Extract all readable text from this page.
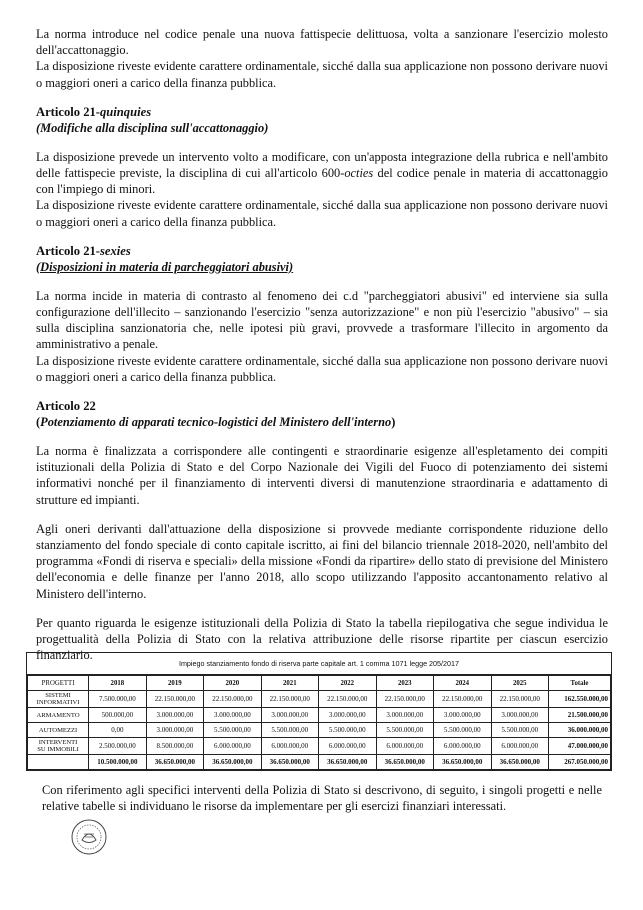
La norma introduce nel codice penale una nuova fattispecie delittuosa, volta a sanzionare l'esercizio molesto dell'accattonaggio.

La disposizione riveste evidente carattere ordinamentale, sicché dalla sua applicazione non possono derivare nuovi o maggiori oneri a carico della finanza pubblica.

Articolo 21-quinquies

(Modifiche alla disciplina sull'accattonaggio)

La disposizione prevede un intervento volto a modificare, con un'apposta integrazione della rubrica e nell'ambito delle fattispecie previste, la disciplina di cui all'articolo 600-octies del codice penale in materia di accattonaggio con l'impiego di minori.

La disposizione riveste evidente carattere ordinamentale, sicché dalla sua applicazione non possono derivare nuovi o maggiori oneri a carico della finanza pubblica.

Articolo 21-sexies

(Disposizioni in materia di parcheggiatori abusivi)

La norma incide in materia di contrasto al fenomeno dei c.d "parcheggiatori abusivi" ed interviene sia sulla configurazione dell'illecito – sanzionando l'esercizio "senza autorizzazione" e non più l'esercizio "abusivo" – sia sulla disciplina sanzionatoria che, nelle ipotesi più gravi, provvede a trasformare l'illecito in argomento da amministrativo a penale.

La disposizione riveste evidente carattere ordinamentale, sicché dalla sua applicazione non possono derivare nuovi o maggiori oneri a carico della finanza pubblica.

Articolo 22

(Potenziamento di apparati tecnico-logistici del Ministero dell'interno)

La norma è finalizzata a corrispondere alle contingenti e straordinarie esigenze all'espletamento dei compiti istituzionali della Polizia di Stato e del Corpo Nazionale dei Vigili del Fuoco di potenziamento dei sistemi informativi nonché per il finanziamento di interventi diversi di manutenzione straordinaria e adattamento di strutture ed impianti.

Agli oneri derivanti dall'attuazione della disposizione si provvede mediante corrispondente riduzione dello stanziamento del fondo speciale di conto capitale iscritto, ai fini del bilancio triennale 2018-2020, nell'ambito del programma «Fondi di riserva e speciali» della missione «Fondi da ripartire» dello stato di previsione del Ministero dell'economia e delle finanze per l'anno 2018, allo scopo utilizzando l'apposito accantonamento relativo al Ministero dell'interno.

Per quanto riguarda le esigenze istituzionali della Polizia di Stato la tabella riepilogativa che segue individua le progettualità della Polizia di Stato con la relativa attribuzione delle risorse ripartite per ciascun esercizio finanziario.

Impiego stanziamento fondo di riserva parte capitale art. 1 comma 1071 legge 205/2017
PROGETTI	2018	2019	2020	2021	2022	2023	2024	2025	Totale
SISTEMI
INFORMATIVI	7.500.000,00	22.150.000,00	22.150.000,00	22.150.000,00	22.150.000,00	22.150.000,00	22.150.000,00	22.150.000,00	162.550.000,00
ARMAMENTO	500.000,00	3.000.000,00	3.000.000,00	3.000.000,00	3.000.000,00	3.000.000,00	3.000.000,00	3.000.000,00	21.500.000,00
AUTOMEZZI	0,00	3.000.000,00	5.500.000,00	5.500.000,00	5.500.000,00	5.500.000,00	5.500.000,00	5.500.000,00	36.000.000,00
INTERVENTI
SU IMMOBILI	2.500.000,00	8.500.000,00	6.000.000,00	6.000.000,00	6.000.000,00	6.000.000,00	6.000.000,00	6.000.000,00	47.000.000,00
	10.500.000,00	36.650.000,00	36.650.000,00	36.650.000,00	36.650.000,00	36.650.000,00	36.650.000,00	36.650.000,00	267.050.000,00

Con riferimento agli specifici interventi della Polizia di Stato si descrivono, di seguito, i singoli progetti e nelle relative tabelle si individuano le risorse da implementare per gli esercizi finanziari interessati.
